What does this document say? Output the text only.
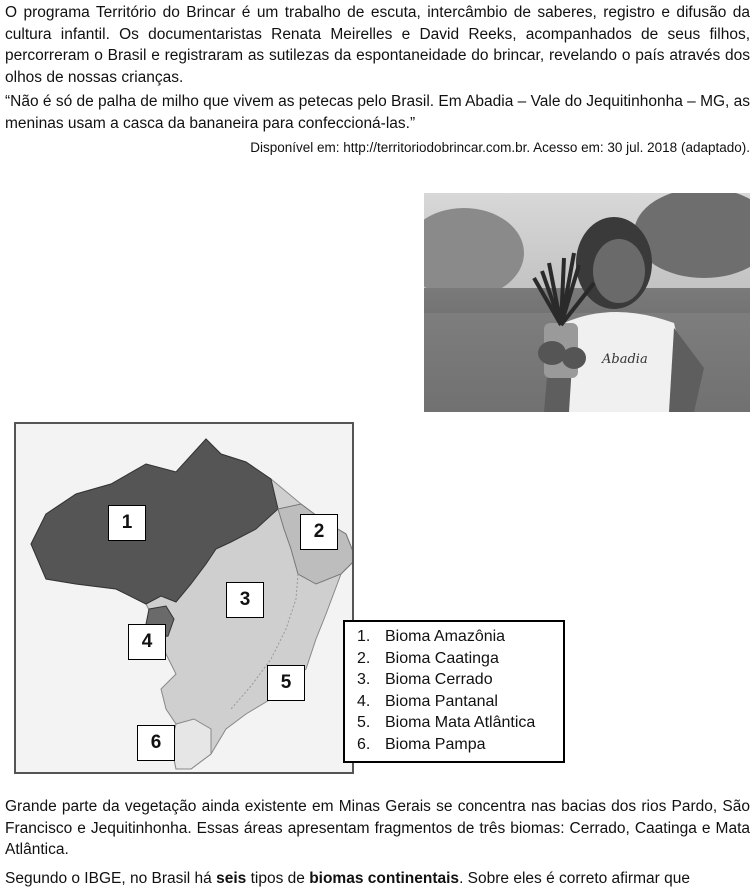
O programa Território do Brincar é um trabalho de escuta, intercâmbio de saberes, registro e difusão da cultura infantil. Os documentaristas Renata Meirelles e David Reeks, acompanhados de seus filhos, percorreram o Brasil e registraram as sutilezas da espontaneidade do brincar, revelando o país através dos olhos de nossas crianças.

“Não é só de palha de milho que vivem as petecas pelo Brasil. Em Abadia – Vale do Jequitinhonha – MG, as meninas usam a casca da bananeira para confeccioná-las.”

Disponível em: http://territoriodobrincar.com.br. Acesso em: 30 jul. 2018 (adaptado).

Abadia
1	2
3
4
5
6
1. Bioma Amazônia
2. Bioma Caatinga
3. Bioma Cerrado
4. Bioma Pantanal
5. Bioma Mata Atlântica
6. Bioma Pampa

Grande parte da vegetação ainda existente em Minas Gerais se concentra nas bacias dos rios Pardo, São Francisco e Jequitinhonha. Essas áreas apresentam fragmentos de três biomas: Cerrado, Caatinga e Mata Atlântica.

Segundo o IBGE, no Brasil há seis tipos de biomas continentais. Sobre eles é correto afirmar que
